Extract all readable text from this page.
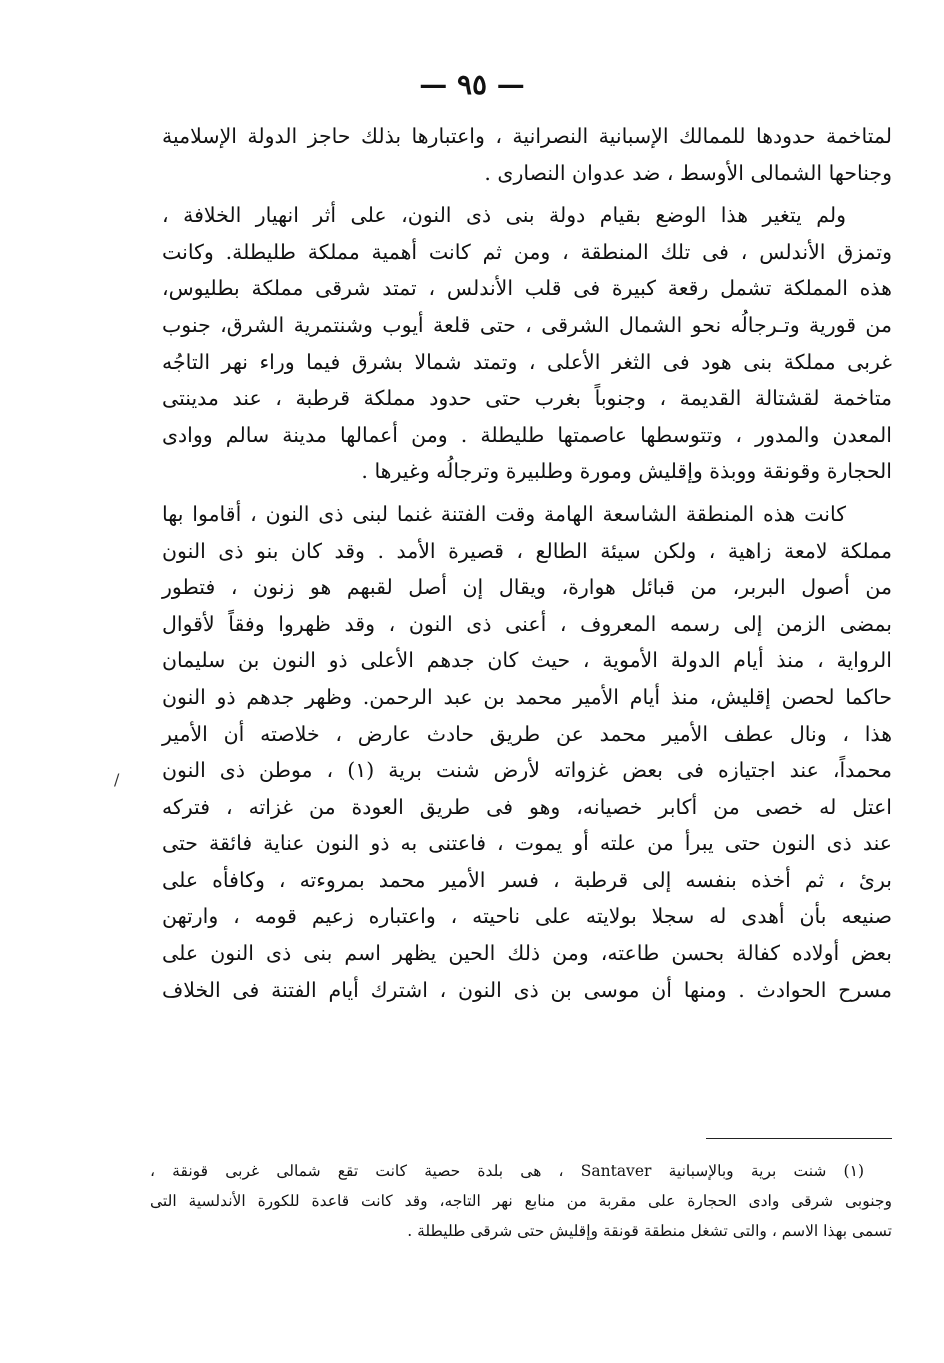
— ٩٥ —
لمتاخمة حدودها للممالك الإسبانية النصرانية ، واعتبارها بذلك حاجز الدولة الإسلامية
وجناحها الشمالى الأوسط ، ضد عدوان النصارى .
ولم يتغير هذا الوضع بقيام دولة بنى ذى النون، على أثر انهيار الخلافة ،
وتمزق الأندلس ، فى تلك المنطقة ، ومن ثم كانت أهمية مملكة طليطلة. وكانت
هذه المملكة تشمل رقعة كبيرة فى قلب الأندلس ، تمتد شرقى مملكة بطليوس،
من قورية وتـرجالُه نحو الشمال الشرقى ، حتى قلعة أيوب وشنتمرية الشرق، جنوب
غربى مملكة بنى هود فى الثغر الأعلى ، وتمتد شمالا بشرق فيما وراء نهر التاجُه
متاخمة لقشتالة القديمة ، وجنوباً بغرب حتى حدود مملكة قرطبة ، عند مدينتى
المعدن والمدور ، وتتوسطها عاصمتها طليطلة . ومن أعمالها مدينة سالم ووادى
الحجارة وقونقة ووبذة وإقليش ومورة وطلبيرة وترجالُه وغيرها .
كانت هذه المنطقة الشاسعة الهامة وقت الفتنة غنما لبنى ذى النون ، أقاموا بها
مملكة لامعة زاهية ، ولكن سيئة الطالع ، قصيرة الأمد . وقد كان بنو ذى النون
من أصول البربر، من قبائل هوارة، ويقال إن أصل لقبهم هو زنون ، فتطور
بمضى الزمن إلى رسمه المعروف ، أعنى ذى النون ، وقد ظهروا وفقاً لأقوال
الرواية ، منذ أيام الدولة الأموية ، حيث كان جدهم الأعلى ذو النون بن سليمان
حاكما لحصن إقليش، منذ أيام الأمير محمد بن عبد الرحمن. وظهر جدهم ذو النون
هذا ، ونال عطف الأمير محمد عن طريق حادث عارض ، خلاصته أن الأمير
محمداً، عند اجتيازه فى بعض غزواته لأرض شنت برية (١) ، موطن ذى النون
اعتل له خصى من أكابر خصيانه، وهو فى طريق العودة من غزاته ، فتركه
عند ذى النون حتى يبرأ من علته أو يموت ، فاعتنى به ذو النون عناية فائقة حتى
برئ ، ثم أخذه بنفسه إلى قرطبة ، فسر الأمير محمد بمروءته ، وكافأه على
صنيعه بأن أهدى له سجلا بولايته على ناحيته ، واعتباره زعيم قومه ، وارتهن
بعض أولاده كفالة بحسن طاعته، ومن ذلك الحين يظهر اسم بنى ذى النون على
مسرح الحوادث . ومنها أن موسى بن ذى النون ، اشترك أيام الفتنة فى الخلاف
/
(١) شنت برية وبالإسبانية Santaver ، هى بلدة حصية كانت تقع شمالى غربى قونقة ،
وجنوبى شرقى وادى الحجارة على مقربة من منابع نهر التاجه، وقد كانت قاعدة للكورة الأندلسية التى
تسمى بهذا الاسم ، والتى تشغل منطقة قونقة وإقليش حتى شرقى طليطلة .
